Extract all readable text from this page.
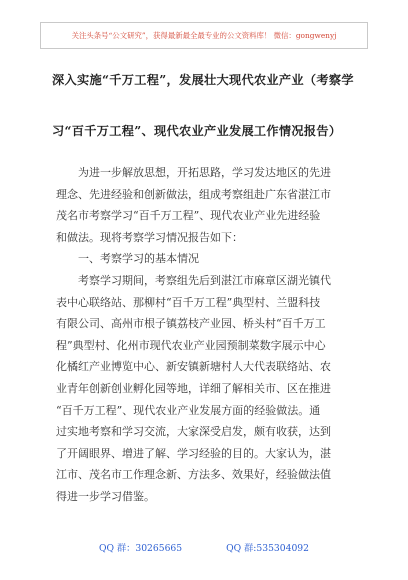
关注头条号“公文研究”，获得最新最全最专业的公文资料库！ 微信：gongwenyj
深入实施“千万工程”，发展壮大现代农业产业（考察学
习“百千万工程”、现代农业产业发展工作情况报告）
为进一步解放思想，开拓思路，学习发达地区的先进
理念、先进经验和创新做法，组成考察组赴广东省湛江市
茂名市考察学习“百千万工程”、现代农业产业先进经验
和做法。现将考察学习情况报告如下：
一、考察学习的基本情况
考察学习期间，考察组先后到湛江市麻章区湖光镇代
表中心联络站、那柳村“百千万工程”典型村、兰盟科技
有限公司、高州市根子镇荔枝产业园、桥头村“百千万工
程”典型村、化州市现代农业产业园预制菜数字展示中心
化橘红产业博览中心、新安镇新塘村人大代表联络站、农
业青年创新创业孵化园等地，详细了解相关市、区在推进
“百千万工程”、现代农业产业发展方面的经验做法。通
过实地考察和学习交流，大家深受启发，颇有收获，达到
了开阔眼界、增进了解、学习经验的目的。大家认为，湛
江市、茂名市工作理念新、方法多、效果好，经验做法值
得进一步学习借鉴。
QQ 群：30265665	QQ 群:535304092
